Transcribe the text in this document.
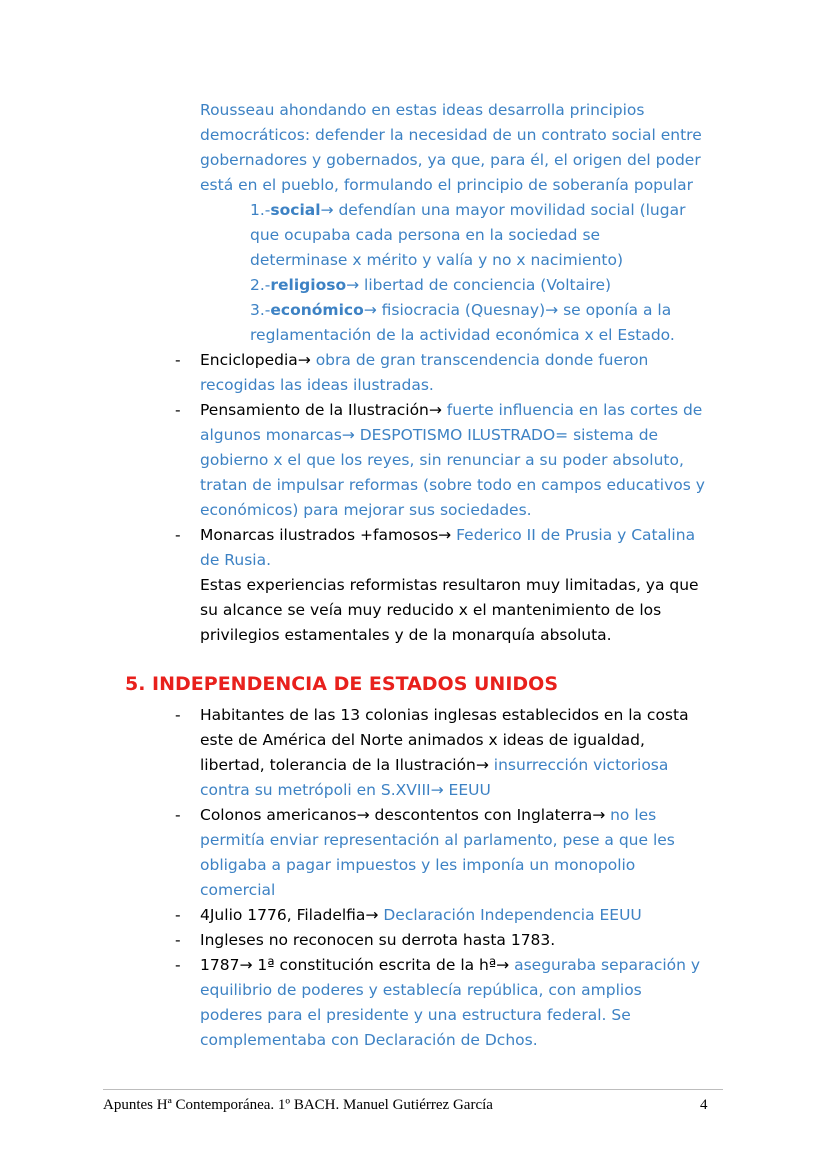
Rousseau ahondando en estas ideas desarrolla principios
democráticos: defender la necesidad de un contrato social entre
gobernadores y gobernados, ya que, para él, el origen del poder
está en el pueblo, formulando el principio de soberanía popular
1.-social→ defendían una mayor movilidad social (lugar
que ocupaba cada persona en la sociedad se
determinase x mérito y valía y no x nacimiento)
2.-religioso→ libertad de conciencia (Voltaire)
3.-económico→ fisiocracia (Quesnay)→ se oponía a la
reglamentación de la actividad económica x el Estado.
- Enciclopedia→ obra de gran transcendencia donde fueron
recogidas las ideas ilustradas.
- Pensamiento de la Ilustración→ fuerte influencia en las cortes de
algunos monarcas→ DESPOTISMO ILUSTRADO= sistema de
gobierno x el que los reyes, sin renunciar a su poder absoluto,
tratan de impulsar reformas (sobre todo en campos educativos y
económicos) para mejorar sus sociedades.
- Monarcas ilustrados +famosos→ Federico II de Prusia y Catalina
de Rusia.
Estas experiencias reformistas resultaron muy limitadas, ya que
su alcance se veía muy reducido x el mantenimiento de los
privilegios estamentales y de la monarquía absoluta.
5. INDEPENDENCIA DE ESTADOS UNIDOS
- Habitantes de las 13 colonias inglesas establecidos en la costa
este de América del Norte animados x ideas de igualdad,
libertad, tolerancia de la Ilustración→ insurrección victoriosa
contra su metrópoli en S.XVIII→ EEUU
- Colonos americanos→ descontentos con Inglaterra→ no les
permitía enviar representación al parlamento, pese a que les
obligaba a pagar impuestos y les imponía un monopolio
comercial
- 4Julio 1776, Filadelfia→ Declaración Independencia EEUU
- Ingleses no reconocen su derrota hasta 1783.
- 1787→ 1ª constitución escrita de la hª→ aseguraba separación y
equilibrio de poderes y establecía república, con amplios
poderes para el presidente y una estructura federal. Se
complementaba con Declaración de Dchos.
Apuntes Hª Contemporánea. 1º BACH. Manuel Gutiérrez García	4
